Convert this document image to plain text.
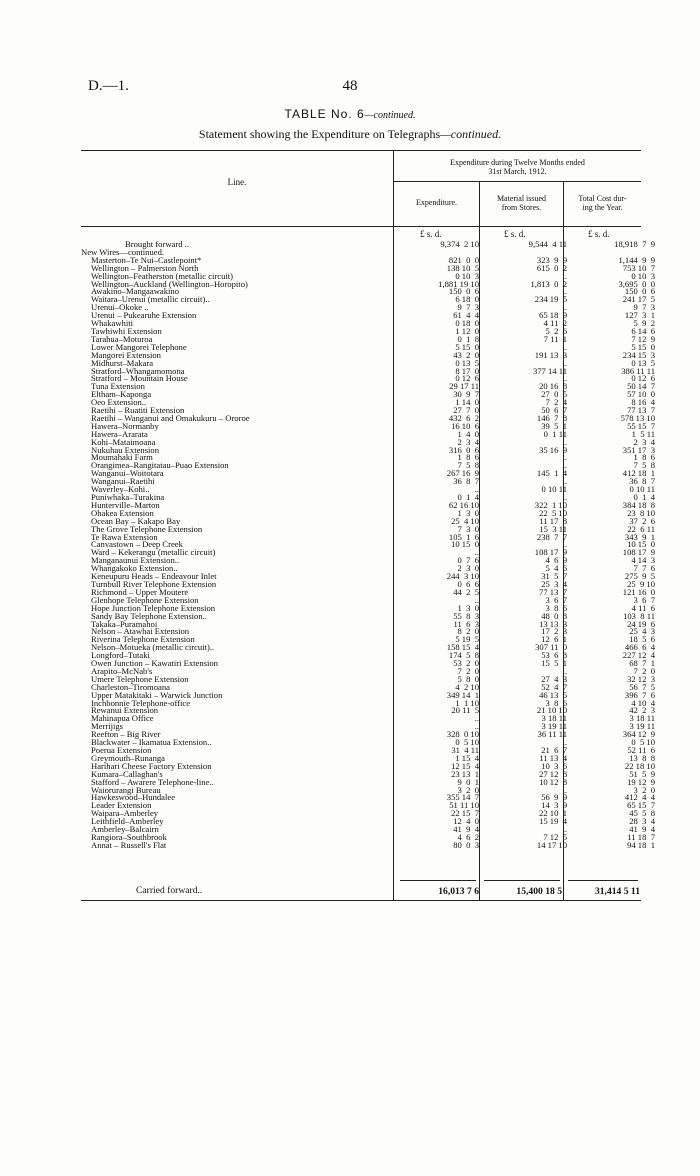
D.—1.	48
TABLE No. 6—continued.
Statement showing the Expenditure on Telegraphs—continued.
Line.
Expenditure during Twelve Months ended
31st March, 1912.
Expenditure.	Material issued
from Stores.
Total Cost dur-
ing the Year.
£ s. d.	£ s. d.	£ s. d.
Brought forward ..	9,374  2 10	9,544  4 11	18,918  7  9
New Wires—continued.
Masterton–Te Nui–Castlepoint*	821  0  0	323  9  9	1,144  9  9
Wellington – Palmerston North	138 10  5	615  0  2	753 10  7
Wellington–Featherston (metallic circuit)	0 10  3	..	0 10  3
Wellington–Auckland (Wellington–Horopito)	1,881 19 10	1,813  0  2	3,695  0  0
Awakino–Mangaawakino	150  0  6	..	150  0  6
Waitara–Urenui (metallic circuit)..	6 18  0	234 19  5	241 17  5
Urenui–Okoke ..	9  7  3	..	9  7  3
Urenui – Pukearuhe Extension	61  4  4	65 18  9	127  3  1
Whakawhiti	0 18  0	4 11  2	5  9  2
Tawhiwhi Extension	1 12  0	5  2  6	6 14  6
Tarahua–Moturoa	0  1  8	7 11  1	7 12  9
Lower Mangorei Telephone	5 15  0	..	5 15  0
Mangorei Extension	43  2  0	191 13  3	234 15  3
Midhurst–Makara	0 13  5	..	0 13  5
Stratford–Whangamomona	8 17  0	377 14 11	386 11 11
Stratford – Mountain House	0 12  6	..	0 12  6
Tuna Extension	29 17 11	20 16  8	50 14  7
Eltham–Kaponga	30  9  7	27  0  5	57 10  0
Oeo Extension..	1 14  0	7  2  4	8 16  4
Raetihi – Ruatiti Extension	27  7  0	50  6  7	77 13  7
Raetihi – Wanganui and Omakukuru – Ororoe	432  6  2	146  7  8	578 13 10
Hawera–Normanby	16 10  6	39  5  1	55 15  7
Hawera–Ararata	1  4  0	0  1 11	1  5 11
Kohi–Mataimoana	2  3  4	..	2  3  4
Nukuhau Extension	316  0  6	35 16  9	351 17  3
Moumahaki Farm	1  8  6	..	1  8  6
Orangimea–Rangitatau–Puao Extension	7  5  8	..	7  5  8
Wanganui–Woitotara	267 16  9	145  1  4	412 18  1
Wanganui–Raetihi	36  8  7	..	36  8  7
Waverley–Kohi..	..	0 10 11	0 10 11
Puniwhaka–Turakina	0  1  4	..	0  1  4
Hunterville–Marton	62 16 10	322  1 10	384 18  8
Ohakea Extension	1  3  0	22  5 10	23  8 10
Ocean Bay – Kakapo Bay	25  4 10	11 17  8	37  2  6
The Grove Telephone Extension	7  3  0	15  3 11	22  6 11
Te Rawa Extension	105  1  6	238  7  7	343  9  1
Canvastown – Deep Creek	10 15  0	..	10 15  0
Ward – Kekerangu (metallic circuit)	..	108 17  9	108 17  9
Manganaunui Extension..	0  7  6	4  6  9	4 14  3
Whangakoko Extension..	2  3  0	5  4  6	7  7  6
Keneupuru Heads – Endeavour Inlet	244  3 10	31  5  7	275  9  5
Turnbull River Telephone Extension	0  6  6	25  3  4	25  9 10
Richmond – Upper Moutere	44  2  5	77 13  7	121 16  0
Glenhope Telephone Extension	..	3  6  7	3  6  7
Hope Junction Telephone Extension	1  3  0	3  8  6	4 11  6
Sandy Bay Telephone Extension..	55  8  3	48  0  8	103  8 11
Takaka–Puramahoi	11  6  3	13 13  3	24 19  6
Nelson – Atawhai Extension	8  2  0	17  2  3	25  4  3
Riverina Telephone Extension	5 19  5	12  6  1	18  5  6
Nelson–Motueka (metallic circuit)..	158 15  4	307 11  0	466  6  4
Longford–Tutaki	174  5  8	53  6  8	227 12  4
Owen Junction – Kawatiri Extension	53  2  0	15  5  1	68  7  1
Arapito–McNab's	7  2  0	..	7  2  0
Umere Telephone Extension	5  8  0	27  4  3	32 12  3
Charleston–Tiromoana	4  2 10	52  4  7	56  7  5
Upper Matakitaki – Warwick Junction	349 14  1	46 13  5	396  7  6
Inchbonnie Telephone-office	1  1 10	3  8  6	4 10  4
Rewanui Extension	20 11  5	21 10 10	42  2  3
Mahinapua Office	..	3 18 11	3 18 11
Merrijigs	..	3 19 11	3 19 11
Reefton – Big River	328  0 10	36 11 11	364 12  9
Blackwater – Ikamatua Extension..	0  5 10	..	0  5 10
Poerua Extension	31  4 11	21  6  7	52 11  6
Greymouth–Runanga	1 15  4	11 13  4	13  8  8
Harihari Cheese Factory Extension	12 15  4	10  3  6	22 18 10
Kumara–Callaghan's	23 13  1	27 12  8	51  5  9
Stafford – Awarere Telephone-line..	9  0  1	10 12  8	19 12  9
Waiorurangi Bureau	3  2  0	..	3  2  0
Hawkeswood–Hundalee	355 14  7	56  9  9	412  4  4
Leader Extension	51 11 10	14  3  9	65 15  7
Waipara–Amberley	22 15  7	22 10  1	45  5  8
Leithfield–Amberley	12  4  0	15 19  4	28  3  4
Amberley–Balcairn	41  9  4	..	41  9  4
Rangiora–Southbrook	4  6  2	7 12  5	11 18  7
Annat – Russell's Flat	80  0  3	14 17 10	94 18  1
Carried forward..	16,013 7 6	15,400 18 5	31,414 5 11
